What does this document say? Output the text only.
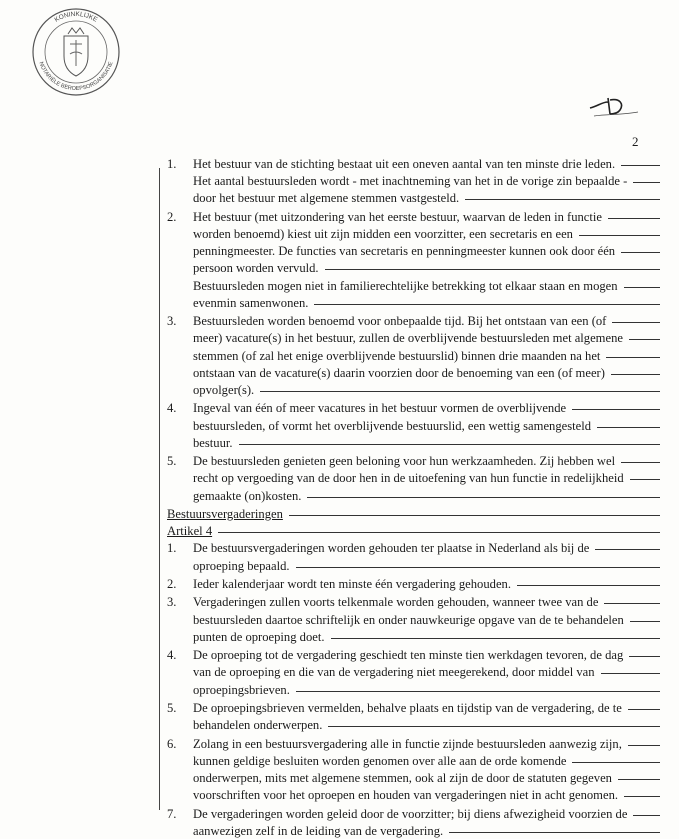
KONINKLIJKE
NOTARIËLE BEROEPSORGANISATIE
2
1. Het bestuur van de stichting bestaat uit een oneven aantal van ten minste drie leden.
Het aantal bestuursleden wordt - met inachtneming van het in de vorige zin bepaalde -
door het bestuur met algemene stemmen vastgesteld.
2. Het bestuur (met uitzondering van het eerste bestuur, waarvan de leden in functie
worden benoemd) kiest uit zijn midden een voorzitter, een secretaris en een
penningmeester. De functies van secretaris en penningmeester kunnen ook door één
persoon worden vervuld.
Bestuursleden mogen niet in familierechtelijke betrekking tot elkaar staan en mogen
evenmin samenwonen.
3. Bestuursleden worden benoemd voor onbepaalde tijd. Bij het ontstaan van een (of
meer) vacature(s) in het bestuur, zullen de overblijvende bestuursleden met algemene
stemmen (of zal het enige overblijvende bestuurslid) binnen drie maanden na het
ontstaan van de vacature(s) daarin voorzien door de benoeming van een (of meer)
opvolger(s).
4. Ingeval van één of meer vacatures in het bestuur vormen de overblijvende
bestuursleden, of vormt het overblijvende bestuurslid, een wettig samengesteld
bestuur.
5. De bestuursleden genieten geen beloning voor hun werkzaamheden. Zij hebben wel
recht op vergoeding van de door hen in de uitoefening van hun functie in redelijkheid
gemaakte (on)kosten.
Bestuursvergaderingen
Artikel 4
1. De bestuursvergaderingen worden gehouden ter plaatse in Nederland als bij de
oproeping bepaald.
2. Ieder kalenderjaar wordt ten minste één vergadering gehouden.
3. Vergaderingen zullen voorts telkenmale worden gehouden, wanneer twee van de
bestuursleden daartoe schriftelijk en onder nauwkeurige opgave van de te behandelen
punten de oproeping doet.
4. De oproeping tot de vergadering geschiedt ten minste tien werkdagen tevoren, de dag
van de oproeping en die van de vergadering niet meegerekend, door middel van
oproepingsbrieven.
5. De oproepingsbrieven vermelden, behalve plaats en tijdstip van de vergadering, de te
behandelen onderwerpen.
6. Zolang in een bestuursvergadering alle in functie zijnde bestuursleden aanwezig zijn,
kunnen geldige besluiten worden genomen over alle aan de orde komende
onderwerpen, mits met algemene stemmen, ook al zijn de door de statuten gegeven
voorschriften voor het oproepen en houden van vergaderingen niet in acht genomen.
7. De vergaderingen worden geleid door de voorzitter; bij diens afwezigheid voorzien de
aanwezigen zelf in de leiding van de vergadering.
